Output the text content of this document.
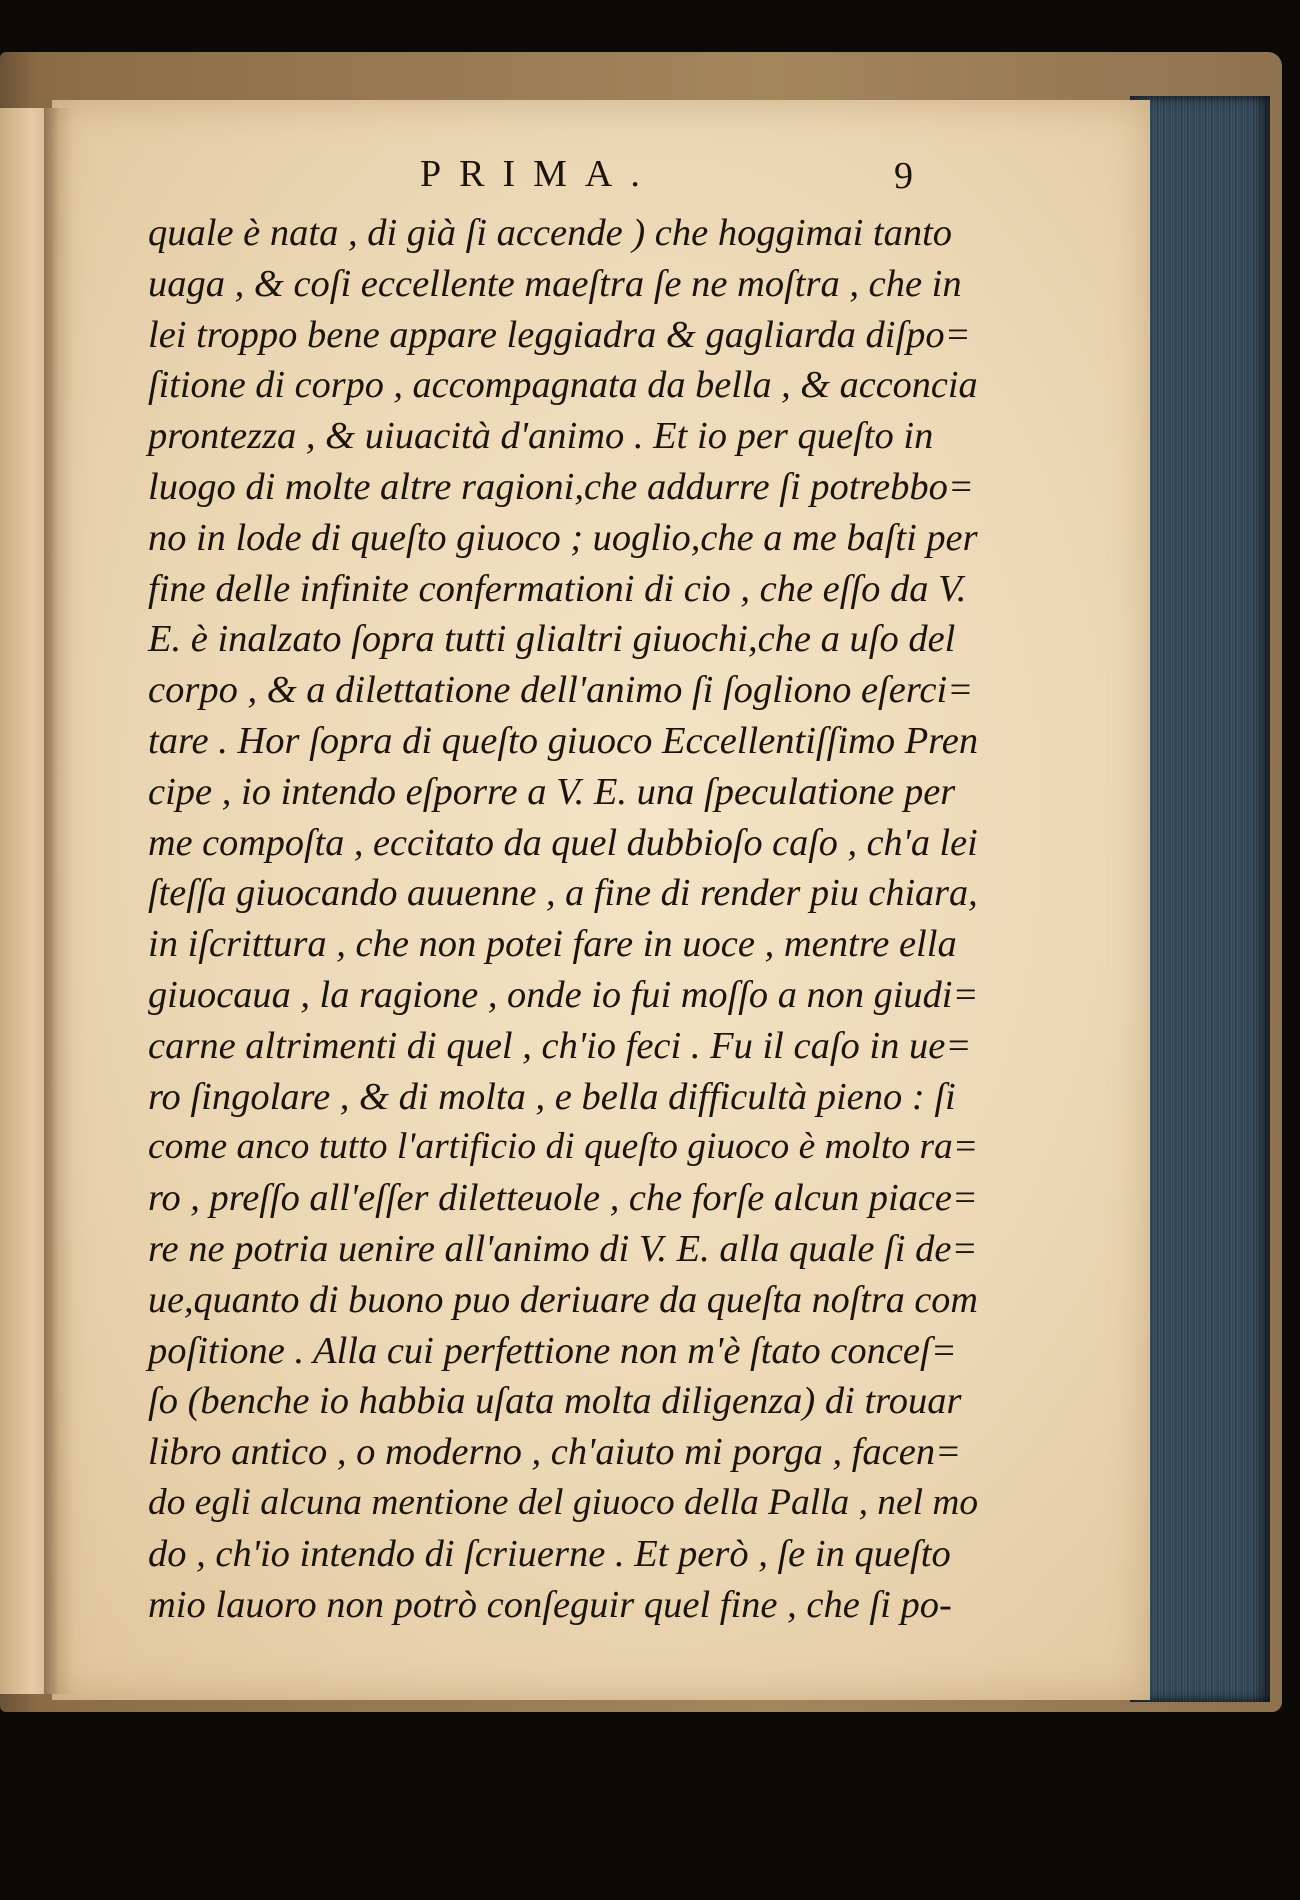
PRIMA.	9
quale è nata , di già ſi accende ) che hoggimai tanto
uaga , & coſi eccellente maeſtra ſe ne moſtra , che in
lei troppo bene appare leggiadra & gagliarda diſpo=
ſitione di corpo , accompagnata da bella , & acconcia
prontezza , & uiuacità d'animo . Et io per queſto in
luogo di molte altre ragioni,che addurre ſi potrebbo=
no in lode di queſto giuoco ; uoglio,che a me baſti per
fine delle infinite confermationi di cio , che eſſo da V.
E. è inalzato ſopra tutti glialtri giuochi,che a uſo del
corpo , & a dilettatione dell'animo ſi ſogliono eſerci=
tare . Hor ſopra di queſto giuoco Eccellentiſſimo Pren
cipe , io intendo eſporre a V. E. una ſpeculatione per
me compoſta , eccitato da quel dubbioſo caſo , ch'a lei
ſteſſa giuocando auuenne , a fine di render piu chiara,
in iſcrittura , che non potei fare in uoce , mentre ella
giuocaua , la ragione , onde io fui moſſo a non giudi=
carne altrimenti di quel , ch'io feci . Fu il caſo in ue=
ro ſingolare , & di molta , e bella difficultà pieno : ſi
come anco tutto l'artificio di queſto giuoco è molto ra=
ro , preſſo all'eſſer diletteuole , che forſe alcun piace=
re ne potria uenire all'animo di V. E. alla quale ſi de=
ue,quanto di buono puo deriuare da queſta noſtra com
poſitione . Alla cui perfettione non m'è ſtato conceſ=
ſo (benche io habbia uſata molta diligenza) di trouar
libro antico , o moderno , ch'aiuto mi porga , facen=
do egli alcuna mentione del giuoco della Palla , nel mo
do , ch'io intendo di ſcriuerne . Et però , ſe in queſto
mio lauoro non potrò conſeguir quel fine , che ſi po-
